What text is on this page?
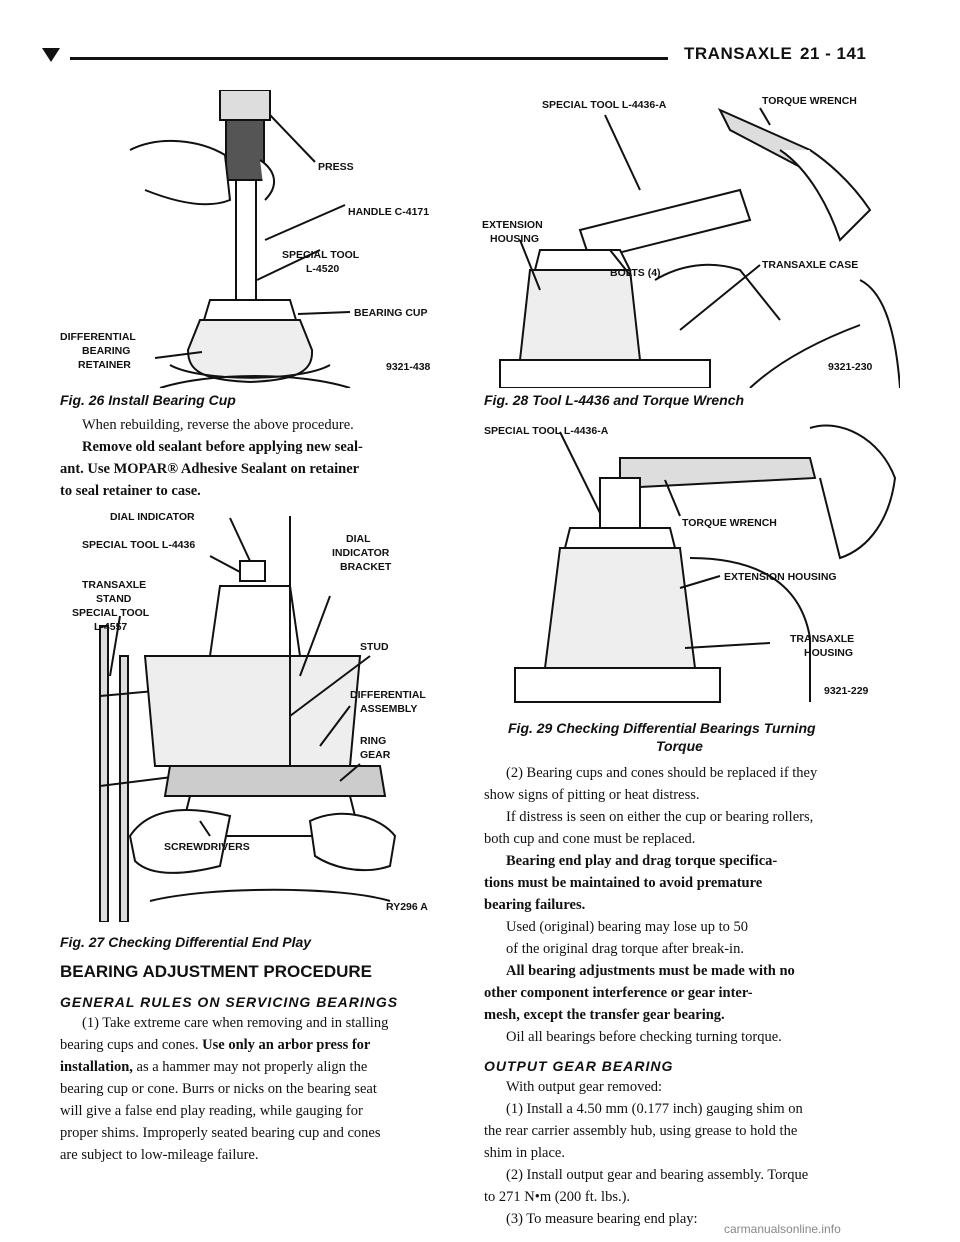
TRANSAXLE 21 - 141
PRESS
HANDLE C-4171
SPECIAL TOOL
L-4520
BEARING CUP
DIFFERENTIAL
BEARING
RETAINER	9321-438
Fig. 26 Install Bearing Cup
SPECIAL TOOL L-4436-A	TORQUE WRENCH
EXTENSION
HOUSING
BOLTS (4)
TRANSAXLE CASE
9321-230
Fig. 28 Tool L-4436 and Torque Wrench
When rebuilding, reverse the above procedure.
Remove old sealant before applying new seal-
ant. Use MOPAR® Adhesive Sealant on retainer
to seal retainer to case.
DIAL INDICATOR
SPECIAL TOOL L-4436
TRANSAXLE
STAND
SPECIAL TOOL
L-4557
DIAL
INDICATOR
BRACKET
STUD
DIFFERENTIAL
ASSEMBLY
RING
GEAR
SCREWDRIVERS
RY296 A
Fig. 27 Checking Differential End Play
SPECIAL TOOL L-4436-A
TORQUE WRENCH
EXTENSION HOUSING
TRANSAXLE
HOUSING
9321-229
Fig. 29 Checking Differential Bearings Turning
Torque
BEARING ADJUSTMENT PROCEDURE
GENERAL RULES ON SERVICING BEARINGS
(1) Take extreme care when removing and in stalling
bearing cups and cones. Use only an arbor press for
installation, as a hammer may not properly align the
bearing cup or cone. Burrs or nicks on the bearing seat
will give a false end play reading, while gauging for
proper shims. Improperly seated bearing cup and cones
are subject to low-mileage failure.
(2) Bearing cups and cones should be replaced if they
show signs of pitting or heat distress.
If distress is seen on either the cup or bearing rollers,
both cup and cone must be replaced.
Bearing end play and drag torque specifica-
tions must be maintained to avoid premature
bearing failures.
Used (original) bearing may lose up to 50
of the original drag torque after break-in.
All bearing adjustments must be made with no
other component interference or gear inter-
mesh, except the transfer gear bearing.
Oil all bearings before checking turning torque.
OUTPUT GEAR BEARING
With output gear removed:
(1) Install a 4.50 mm (0.177 inch) gauging shim on
the rear carrier assembly hub, using grease to hold the
shim in place.
(2) Install output gear and bearing assembly. Torque
to 271 N•m (200 ft. lbs.).
(3) To measure bearing end play:
carmanualsonline.info
